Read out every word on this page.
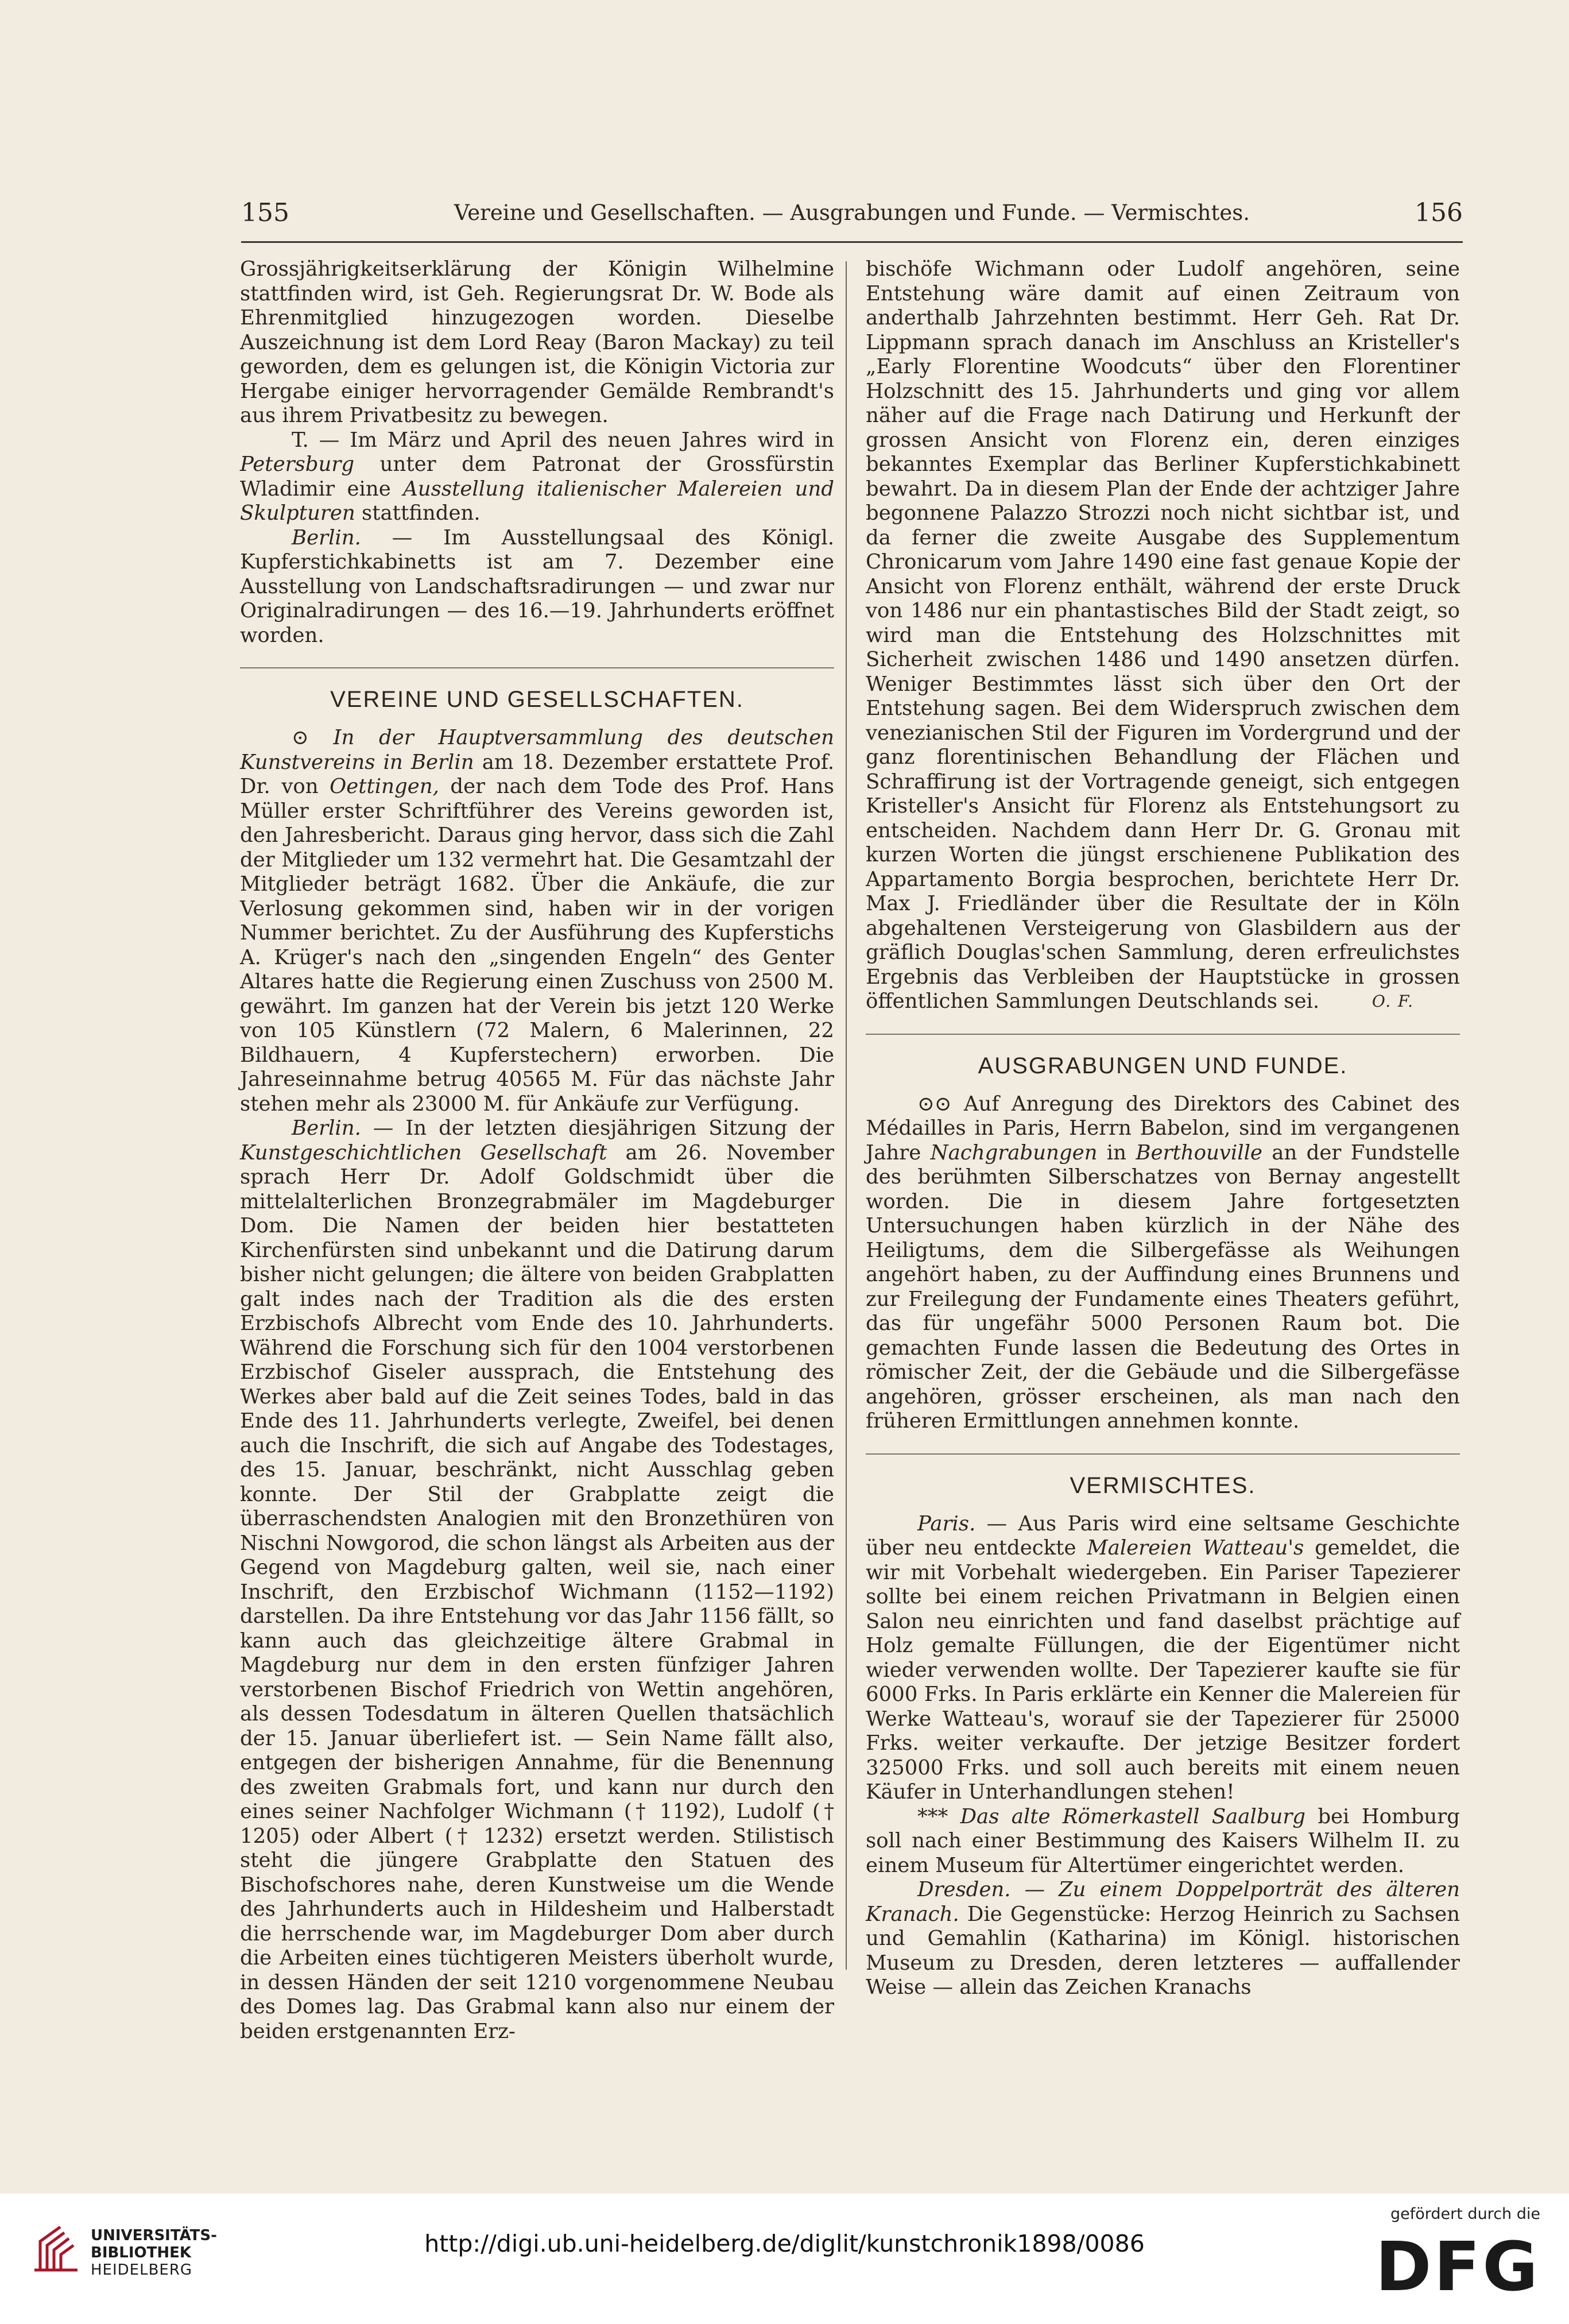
155	Vereine und Gesellschaften. — Ausgrabungen und Funde. — Vermischtes.	156

Grossjährigkeitserklärung der Königin Wilhelmine stattfinden wird, ist Geh. Regierungsrat Dr. W. Bode als Ehrenmitglied hinzugezogen worden. Dieselbe Auszeichnung ist dem Lord Reay (Baron Mackay) zu teil geworden, dem es gelungen ist, die Königin Victoria zur Hergabe einiger hervorragender Gemälde Rembrandt's aus ihrem Privatbesitz zu bewegen.

T. — Im März und April des neuen Jahres wird in Petersburg unter dem Patronat der Grossfürstin Wladimir eine Ausstellung italienischer Malereien und Skulpturen stattfinden.

Berlin. — Im Ausstellungsaal des Königl. Kupferstichkabinetts ist am 7. Dezember eine Ausstellung von Landschaftsradirungen — und zwar nur Originalradirungen — des 16.—19. Jahrhunderts eröffnet worden.

VEREINE UND GESELLSCHAFTEN.

⊙ In der Hauptversammlung des deutschen Kunstvereins in Berlin am 18. Dezember erstattete Prof. Dr. von Oettingen, der nach dem Tode des Prof. Hans Müller erster Schriftführer des Vereins geworden ist, den Jahresbericht. Daraus ging hervor, dass sich die Zahl der Mitglieder um 132 vermehrt hat. Die Gesamtzahl der Mitglieder beträgt 1682. Über die Ankäufe, die zur Verlosung gekommen sind, haben wir in der vorigen Nummer berichtet. Zu der Ausführung des Kupferstichs A. Krüger's nach den „singenden Engeln“ des Genter Altares hatte die Regierung einen Zuschuss von 2500 M. gewährt. Im ganzen hat der Verein bis jetzt 120 Werke von 105 Künstlern (72 Malern, 6 Malerinnen, 22 Bildhauern, 4 Kupferstechern) erworben. Die Jahreseinnahme betrug 40565 M. Für das nächste Jahr stehen mehr als 23000 M. für Ankäufe zur Verfügung.

Berlin. — In der letzten diesjährigen Sitzung der Kunstgeschichtlichen Gesellschaft am 26. November sprach Herr Dr. Adolf Goldschmidt über die mittelalterlichen Bronzegrabmäler im Magdeburger Dom. Die Namen der beiden hier bestatteten Kirchenfürsten sind unbekannt und die Datirung darum bisher nicht gelungen; die ältere von beiden Grabplatten galt indes nach der Tradition als die des ersten Erzbischofs Albrecht vom Ende des 10. Jahrhunderts. Während die Forschung sich für den 1004 verstorbenen Erzbischof Giseler aussprach, die Entstehung des Werkes aber bald auf die Zeit seines Todes, bald in das Ende des 11. Jahrhunderts verlegte, Zweifel, bei denen auch die Inschrift, die sich auf Angabe des Todestages, des 15. Januar, beschränkt, nicht Ausschlag geben konnte. Der Stil der Grabplatte zeigt die überraschendsten Analogien mit den Bronzethüren von Nischni Nowgorod, die schon längst als Arbeiten aus der Gegend von Magdeburg galten, weil sie, nach einer Inschrift, den Erzbischof Wichmann (1152—1192) darstellen. Da ihre Entstehung vor das Jahr 1156 fällt, so kann auch das gleichzeitige ältere Grabmal in Magdeburg nur dem in den ersten fünfziger Jahren verstorbenen Bischof Friedrich von Wettin angehören, als dessen Todesdatum in älteren Quellen thatsächlich der 15. Januar überliefert ist. — Sein Name fällt also, entgegen der bisherigen Annahme, für die Benennung des zweiten Grabmals fort, und kann nur durch den eines seiner Nachfolger Wichmann († 1192), Ludolf († 1205) oder Albert († 1232) ersetzt werden. Stilistisch steht die jüngere Grabplatte den Statuen des Bischofschores nahe, deren Kunstweise um die Wende des Jahrhunderts auch in Hildesheim und Halberstadt die herrschende war, im Magdeburger Dom aber durch die Arbeiten eines tüchtigeren Meisters überholt wurde, in dessen Händen der seit 1210 vorgenommene Neubau des Domes lag. Das Grabmal kann also nur einem der beiden erstgenannten Erz-

bischöfe Wichmann oder Ludolf angehören, seine Entstehung wäre damit auf einen Zeitraum von anderthalb Jahrzehnten bestimmt. Herr Geh. Rat Dr. Lippmann sprach danach im Anschluss an Kristeller's „Early Florentine Woodcuts“ über den Florentiner Holzschnitt des 15. Jahrhunderts und ging vor allem näher auf die Frage nach Datirung und Herkunft der grossen Ansicht von Florenz ein, deren einziges bekanntes Exemplar das Berliner Kupferstichkabinett bewahrt. Da in diesem Plan der Ende der achtziger Jahre begonnene Palazzo Strozzi noch nicht sichtbar ist, und da ferner die zweite Ausgabe des Supplementum Chronicarum vom Jahre 1490 eine fast genaue Kopie der Ansicht von Florenz enthält, während der erste Druck von 1486 nur ein phantastisches Bild der Stadt zeigt, so wird man die Entstehung des Holzschnittes mit Sicherheit zwischen 1486 und 1490 ansetzen dürfen. Weniger Bestimmtes lässt sich über den Ort der Entstehung sagen. Bei dem Widerspruch zwischen dem venezianischen Stil der Figuren im Vordergrund und der ganz florentinischen Behandlung der Flächen und Schraffirung ist der Vortragende geneigt, sich entgegen Kristeller's Ansicht für Florenz als Entstehungsort zu entscheiden. Nachdem dann Herr Dr. G. Gronau mit kurzen Worten die jüngst erschienene Publikation des Appartamento Borgia besprochen, berichtete Herr Dr. Max J. Friedländer über die Resultate der in Köln abgehaltenen Versteigerung von Glasbildern aus der gräflich Douglas'schen Sammlung, deren erfreulichstes Ergebnis das Verbleiben der Hauptstücke in grossen öffentlichen Sammlungen Deutschlands sei.	O. F.

AUSGRABUNGEN UND FUNDE.

⊙⊙ Auf Anregung des Direktors des Cabinet des Médailles in Paris, Herrn Babelon, sind im vergangenen Jahre Nachgrabungen in Berthouville an der Fundstelle des berühmten Silberschatzes von Bernay angestellt worden. Die in diesem Jahre fortgesetzten Untersuchungen haben kürzlich in der Nähe des Heiligtums, dem die Silbergefässe als Weihungen angehört haben, zu der Auffindung eines Brunnens und zur Freilegung der Fundamente eines Theaters geführt, das für ungefähr 5000 Personen Raum bot. Die gemachten Funde lassen die Bedeutung des Ortes in römischer Zeit, der die Gebäude und die Silbergefässe angehören, grösser erscheinen, als man nach den früheren Ermittlungen annehmen konnte.

VERMISCHTES.

Paris. — Aus Paris wird eine seltsame Geschichte über neu entdeckte Malereien Watteau's gemeldet, die wir mit Vorbehalt wiedergeben. Ein Pariser Tapezierer sollte bei einem reichen Privatmann in Belgien einen Salon neu einrichten und fand daselbst prächtige auf Holz gemalte Füllungen, die der Eigentümer nicht wieder verwenden wollte. Der Tapezierer kaufte sie für 6000 Frks. In Paris erklärte ein Kenner die Malereien für Werke Watteau's, worauf sie der Tapezierer für 25000 Frks. weiter verkaufte. Der jetzige Besitzer fordert 325000 Frks. und soll auch bereits mit einem neuen Käufer in Unterhandlungen stehen!

*** Das alte Römerkastell Saalburg bei Homburg soll nach einer Bestimmung des Kaisers Wilhelm II. zu einem Museum für Altertümer eingerichtet werden.

Dresden. — Zu einem Doppelporträt des älteren Kranach. Die Gegenstücke: Herzog Heinrich zu Sachsen und Gemahlin (Katharina) im Königl. historischen Museum zu Dresden, deren letzteres — auffallender Weise — allein das Zeichen Kranachs

UNIVERSITÄTS-
BIBLIOTHEK
HEIDELBERG
http://digi.ub.uni-heidelberg.de/diglit/kunstchronik1898/0086
gefördert durch die
DFG
